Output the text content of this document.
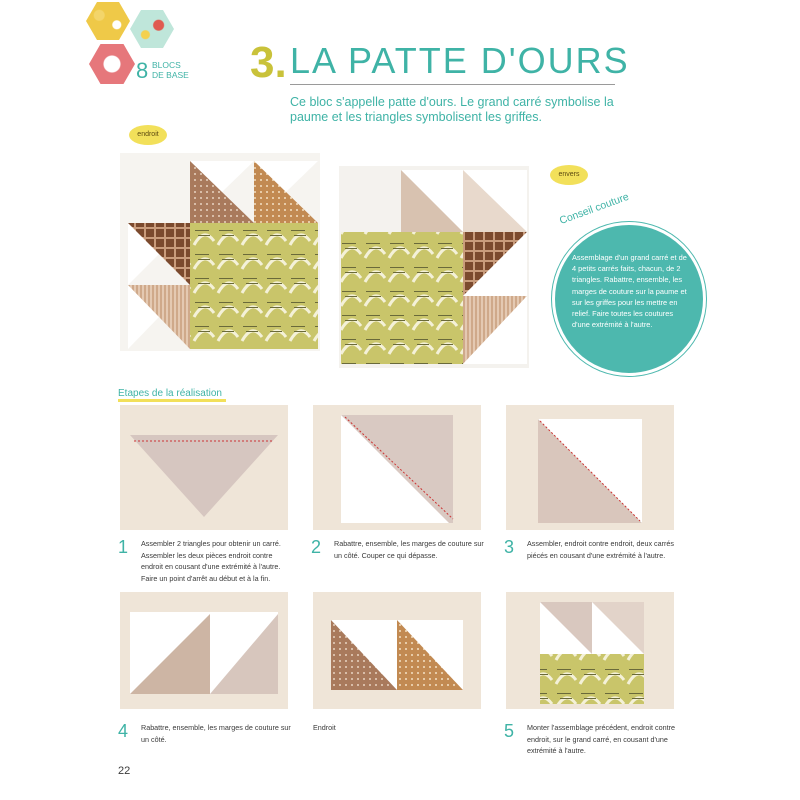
8 BLOCS
DE BASE 3. LA PATTE D'OURS
Ce bloc s'appelle patte d'ours. Le grand carré symbolise la paume et les triangles symbolisent les griffes.
endroit
envers
Conseil couture
Assemblage d'un grand carré et de 4 petits carrés faits, chacun, de 2 triangles. Rabattre, ensemble, les marges de couture sur la paume et sur les griffes pour les mettre en relief. Faire toutes les coutures d'une extrémité à l'autre.
Etapes de la réalisation
1 Assembler 2 triangles pour obtenir un carré. Assembler les deux pièces endroit contre endroit en cousant d'une extrémité à l'autre. Faire un point d'arrêt au début et à la fin.
2 Rabattre, ensemble, les marges de couture sur un côté. Couper ce qui dépasse.	3 Assembler, endroit contre endroit, deux carrés piécés en cousant d'une extrémité à l'autre.
4 Rabattre, ensemble, les marges de couture sur un côté.
Endroit	5 Monter l'assemblage précédent, endroit contre endroit, sur le grand carré, en cousant d'une extrémité à l'autre.
22
